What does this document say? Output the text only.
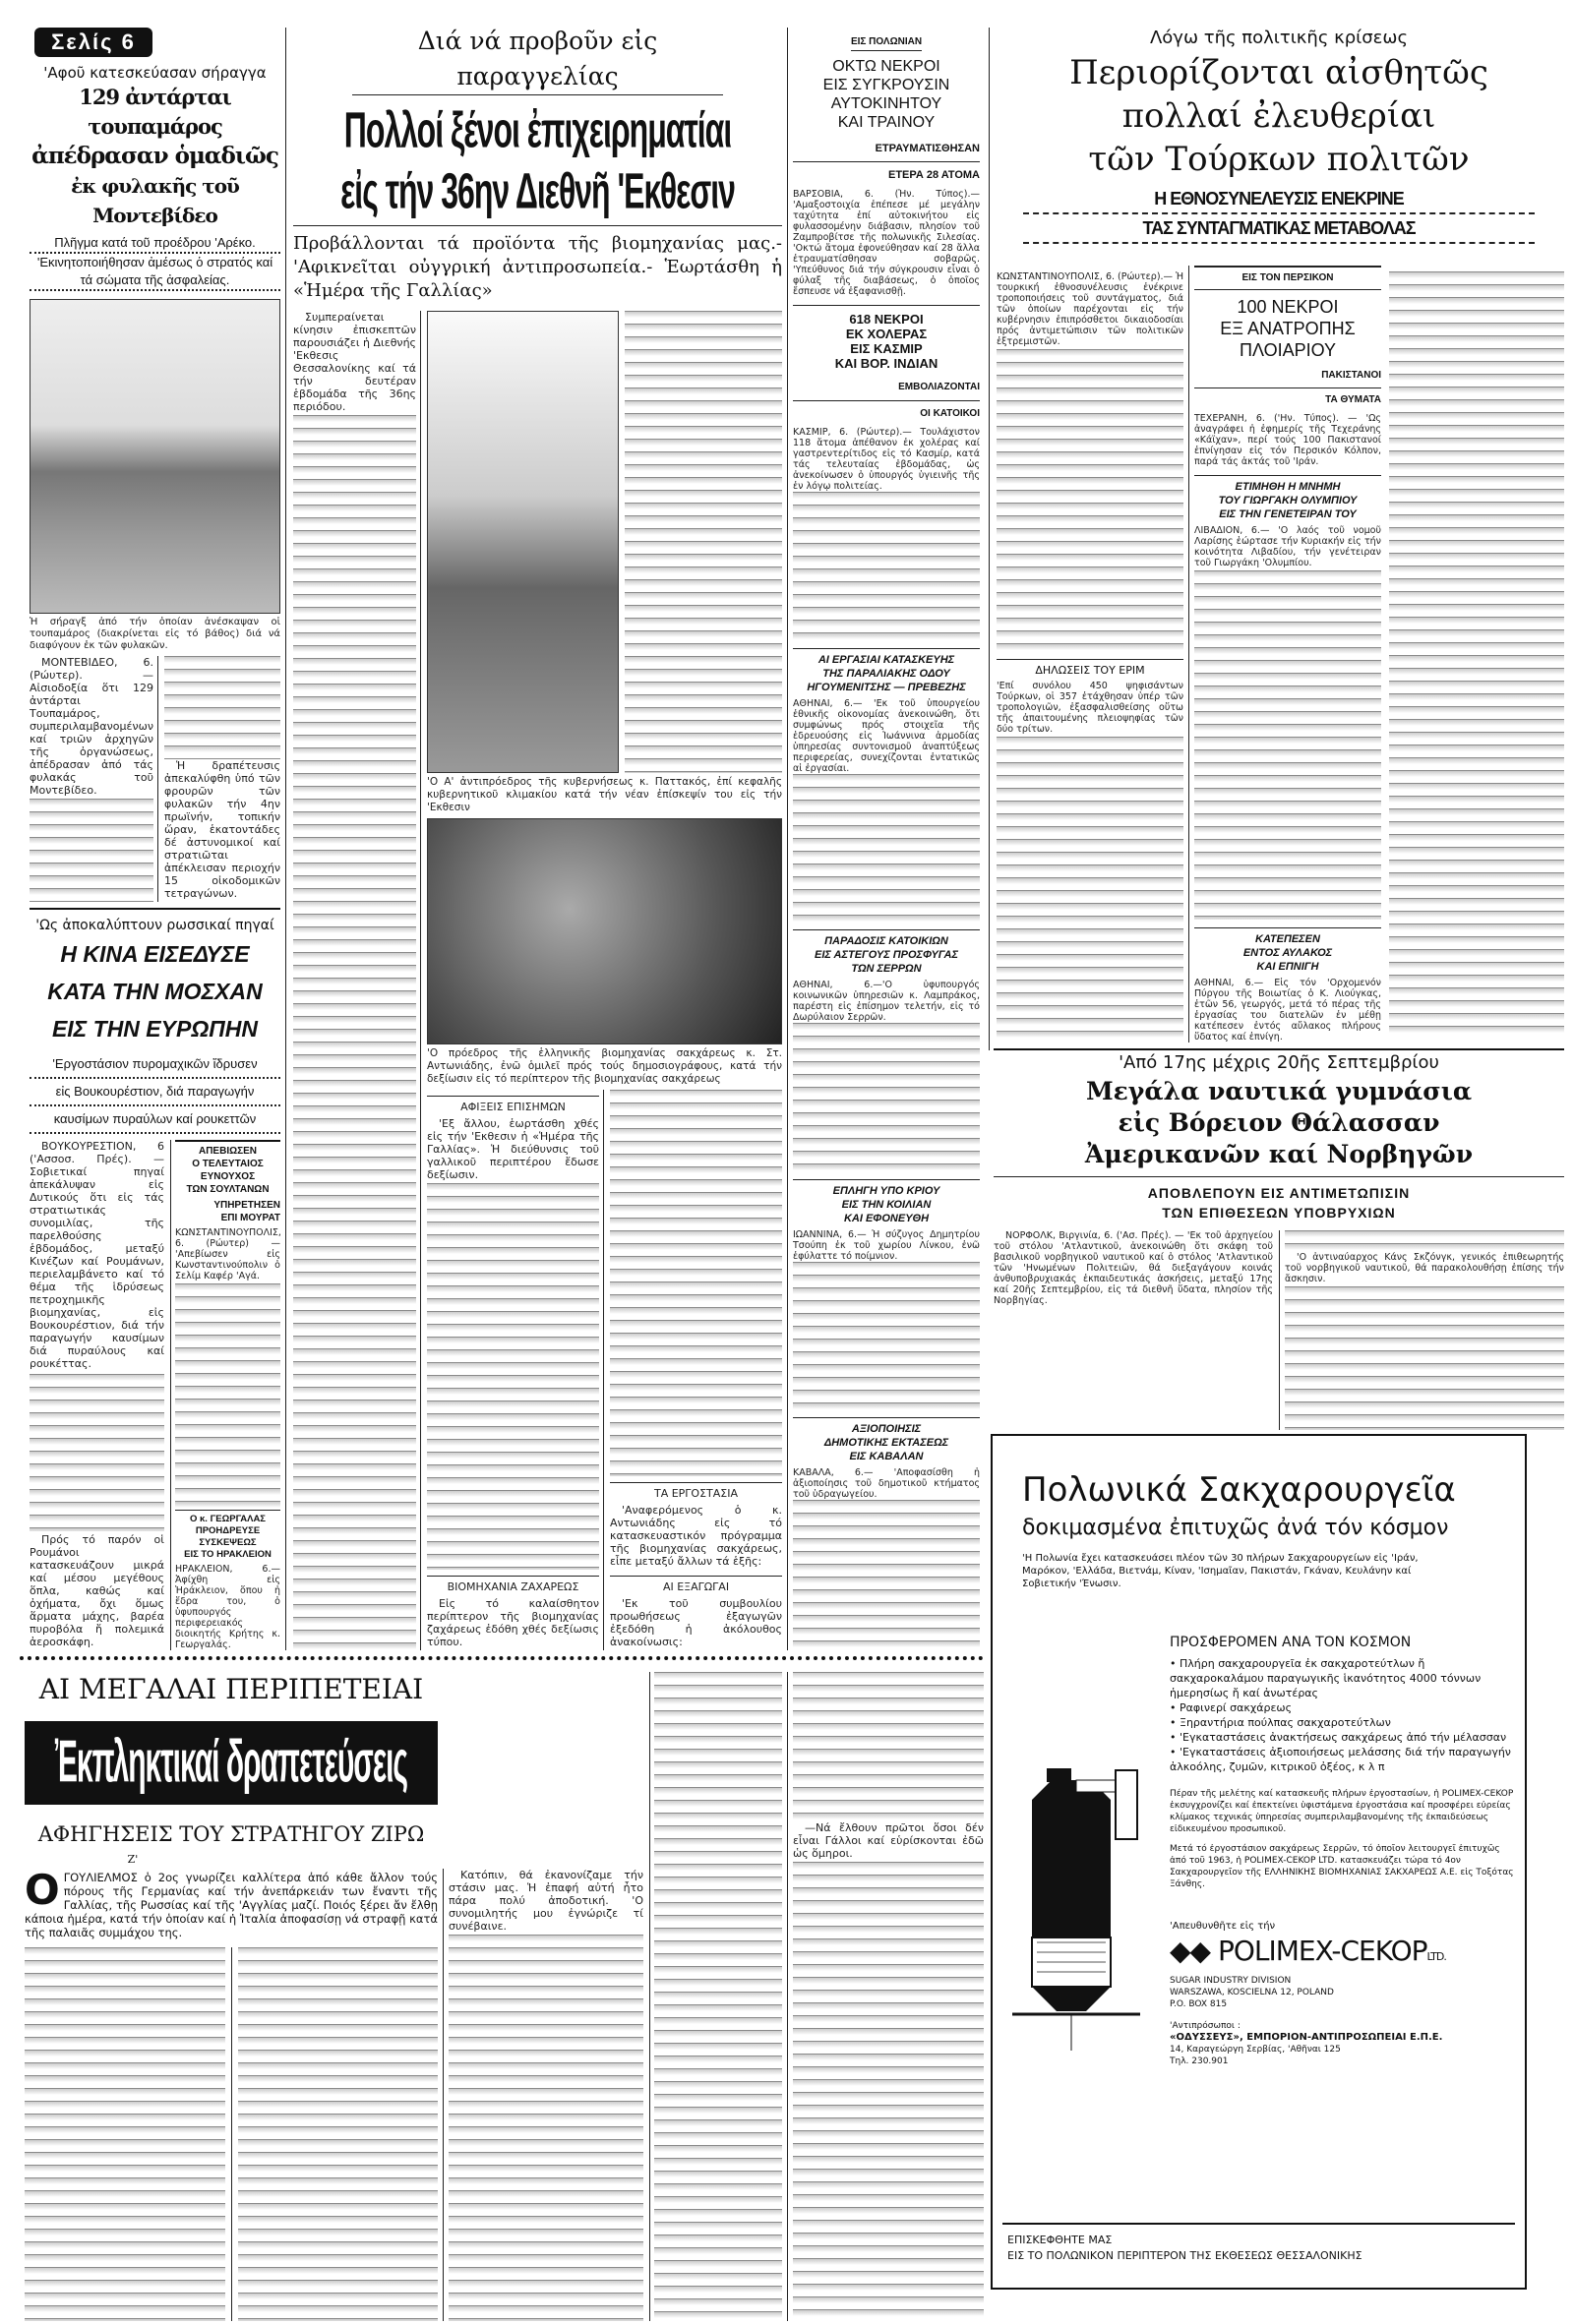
Σελίς 6
'Αφοῦ κατεσκεύασαν σήραγγα
129 ἀντάρται τουπαμάρος
ἀπέδρασαν ὁμαδιῶς
ἐκ φυλακῆς τοῦ Μοντεβίδεο
Πλῆγμα κατά τοῦ προέδρου 'Αρέκο.
'Εκινητοποιήθησαν ἀμέσως ὁ στρατός καί τά σώματα τῆς ἀσφαλείας.
Ἡ σήραγξ ἀπό τήν ὁποίαν ἀνέσκαψαν οἱ τουπαμάρος (διακρίνεται εἰς τό βάθος) διά νά διαφύγουν ἐκ τῶν φυλακῶν.

ΜΟΝΤΕΒΙΔΕΟ, 6. (Ρώυτερ). — Αἰσιοδοξία ὅτι 129 ἀντάρται Τουπαμάρος, συμπεριλαμβανομένων καί τριῶν ἀρχηγῶν τῆς ὀργανώσεως, ἀπέδρασαν ἀπό τάς φυλακάς τοῦ Μοντεβίδεο.

Ἡ δραπέτευσις ἀπεκαλύφθη ὑπό τῶν φρουρῶν τῶν φυλακῶν τήν 4ην πρωϊνήν, τοπικήν ὥραν, ἑκατοντάδες δέ ἀστυνομικοί καί στρατιῶται ἀπέκλεισαν περιοχήν 15 οἰκοδομικῶν τετραγώνων.

'Ως ἀποκαλύπτουν ρωσσικαί πηγαί
Η ΚΙΝΑ ΕΙΣΕΔΥΣΕ
ΚΑΤΑ ΤΗΝ ΜΟΣΧΑΝ
ΕΙΣ ΤΗΝ ΕΥΡΩΠΗΝ
'Εργοστάσιον πυρομαχικῶν ἵδρυσεν
εἰς Βουκουρέστιον, διά παραγωγήν
καυσίμων πυραύλων καί ρουκεττῶν

ΒΟΥΚΟΥΡΕΣΤΙΟΝ, 6 ('Ασσοσ. Πρές). — Σοβιετικαί πηγαί ἀπεκάλυψαν εἰς Δυτικούς ὅτι εἰς τάς στρατιωτικάς συνομιλίας, τῆς παρελθούσης ἑβδομάδος, μεταξύ Κινέζων καί Ρουμάνων, περιελαμβάνετο καί τό θέμα τῆς ἱδρύσεως πετροχημικῆς βιομηχανίας, εἰς Βουκουρέστιον, διά τήν παραγωγήν καυσίμων διά πυραύλους καί ρουκέττας.

Πρός τό παρόν οἱ Ρουμάνοι κατασκευάζουν μικρά καί μέσου μεγέθους ὅπλα, καθώς καί ὀχήματα, ὄχι ὅμως ἅρματα μάχης, βαρέα πυροβόλα ἤ πολεμικά ἀεροσκάφη.

ΑΠΕΒΙΩΣΕΝ
Ο ΤΕΛΕΥΤΑΙΟΣ
ΕΥΝΟΥΧΟΣ
ΤΩΝ ΣΟΥΛΤΑΝΩΝ
ΥΠΗΡΕΤΗΣΕΝ
ΕΠΙ ΜΟΥΡΑΤ
ΚΩΝΣΤΑΝΤΙΝΟΥΠΟΛΙΣ, 6. (Ρώυτερ) — 'Απεβίωσεν εἰς Κωνσταντινούπολιν ὁ Σελίμ Καφέρ 'Αγά.
Ο κ. ΓΕΩΡΓΑΛΑΣ
ΠΡΟΗΔΡΕΥΣΕ ΣΥΣΚΕΨΕΩΣ
ΕΙΣ ΤΟ ΗΡΑΚΛΕΙΟΝ
ΗΡΑΚΛΕΙΟΝ, 6.— Ἀφίχθη εἰς Ἡράκλειον, ὅπου ἡ ἕδρα του, ὁ ὑφυπουργός περιφερειακός διοικητής Κρήτης κ. Γεωργαλάς.
Διά νά προβοῦν εἰς παραγγελίας
Πολλοί ξένοι ἐπιχειρηματίαι
εἰς τήν 36ην Διεθνῆ 'Εκθεσιν
Προβάλλονται τά προϊόντα τῆς βιομηχανίας μας.-'Αφικνεῖται οὐγγρική ἀντιπροσωπεία.- Ἑωρτάσθη ἡ «Ἡμέρα τῆς Γαλλίας»

Συμπεραίνεται κίνησιν ἐπισκεπτῶν παρουσιάζει ἡ Διεθνής 'Εκθεσις Θεσσαλονίκης καί τά τήν δευτέραν ἑβδομάδα τῆς 36ης περιόδου.

'Ο Α' ἀντιπρόεδρος τῆς κυβερνήσεως κ. Παττακός, ἐπί κεφαλῆς κυβερνητικοῦ κλιμακίου κατά τήν νέαν ἐπίσκεψίν του εἰς τήν 'Εκθεσιν
'Ο πρόεδρος τῆς ἑλληνικῆς βιομηχανίας σακχάρεως κ. Στ. Αντωνιάδης, ἐνῶ ὁμιλεῖ πρός τούς δημοσιογράφους, κατά τήν δεξίωσιν εἰς τό περίπτερον τῆς βιομηχανίας σακχάρεως
ΑΦΙΞΕΙΣ ΕΠΙΣΗΜΩΝ

'Εξ ἄλλου, ἑωρτάσθη χθές εἰς τήν 'Εκθεσιν ἡ «Ἡμέρα τῆς Γαλλίας». Ἡ διεύθυνσις τοῦ γαλλικοῦ περιπτέρου ἔδωσε δεξίωσιν.

ΒΙΟΜΗΧΑΝΙΑ ΖΑΧΑΡΕΩΣ

Εἰς τό καλαίσθητον περίπτερον τῆς βιομηχανίας ζαχάρεως ἐδόθη χθές δεξίωσις τύπου.

ΤΑ ΕΡΓΟΣΤΑΣΙΑ

'Αναφερόμενος ὁ κ. Αντωνιάδης εἰς τό κατασκευαστικόν πρόγραμμα τῆς βιομηχανίας σακχάρεως, εἶπε μεταξύ ἄλλων τά ἑξῆς:

ΑΙ ΕΞΑΓΩΓΑΙ

'Εκ τοῦ συμβουλίου προωθήσεως ἐξαγωγῶν ἐξεδόθη ἡ ἀκόλουθος ἀνακοίνωσις:

ΕΙΣ ΠΟΛΩΝΙΑΝ
ΟΚΤΩ ΝΕΚΡΟΙ
ΕΙΣ ΣΥΓΚΡΟΥΣΙΝ
ΑΥΤΟΚΙΝΗΤΟΥ
ΚΑΙ ΤΡΑΙΝΟΥ
ΕΤΡΑΥΜΑΤΙΣΘΗΣΑΝ
ΕΤΕΡΑ 28 ΑΤΟΜΑ
ΒΑΡΣΟΒΙΑ, 6. (Ἡν. Τύπος).— 'Αμαξοστοιχία ἐπέπεσε μέ μεγάλην ταχύτητα ἐπί αὐτοκινήτου εἰς φυλασσομένην διάβασιν, πλησίον τοῦ Ζαμπροβίτσε τῆς πολωνικῆς Σιλεσίας. 'Οκτώ ἄτομα ἐφονεύθησαν καί 28 ἄλλα ἐτραυματίσθησαν σοβαρῶς. 'Υπεύθυνος διά τήν σύγκρουσιν εἶναι ὁ φύλαξ τῆς διαβάσεως, ὁ ὁποῖος ἔσπευσε νά ἐξαφανισθῇ.
618 ΝΕΚΡΟΙ
ΕΚ ΧΟΛΕΡΑΣ
ΕΙΣ ΚΑΣΜΙΡ
ΚΑΙ ΒΟΡ. ΙΝΔΙΑΝ
ΕΜΒΟΛΙΑΖΟΝΤΑΙ
ΟΙ ΚΑΤΟΙΚΟΙ
ΚΑΣΜΙΡ, 6. (Ρώυτερ).— Τουλάχιστον 118 ἄτομα ἀπέθανον ἐκ χολέρας καί γαστρεντερίτιδος εἰς τό Κασμίρ, κατά τάς τελευταίας ἑβδομάδας, ὡς ἀνεκοίνωσεν ὁ ὑπουργός ὑγιεινῆς τῆς ἐν λόγῳ πολιτείας.
ΑΙ ΕΡΓΑΣΙΑΙ ΚΑΤΑΣΚΕΥΗΣ
ΤΗΣ ΠΑΡΑΛΙΑΚΗΣ ΟΔΟΥ
ΗΓΟΥΜΕΝΙΤΣΗΣ — ΠΡΕΒΕΖΗΣ
ΑΘΗΝΑΙ, 6.— 'Εκ τοῦ ὑπουργείου ἐθνικῆς οἰκονομίας ἀνεκοινώθη, ὅτι συμφώνως πρός στοιχεῖα τῆς ἑδρευούσης εἰς Ἰωάννινα ἁρμοδίας ὑπηρεσίας συντονισμοῦ ἀναπτύξεως περιφερείας, συνεχίζονται ἐντατικῶς αἱ ἐργασίαι.
ΠΑΡΑΔΟΣΙΣ ΚΑΤΟΙΚΙΩΝ
ΕΙΣ ΑΣΤΕΓΟΥΣ ΠΡΟΣΦΥΓΑΣ
ΤΩΝ ΣΕΡΡΩΝ
ΑΘΗΝΑΙ, 6.—'Ο ὑφυπουργός κοινωνικῶν ὑπηρεσιῶν κ. Λαμπράκος, παρέστη εἰς ἐπίσημον τελετήν, εἰς τό Δωρύλαιον Σερρῶν.
ΕΠΛΗΓΗ ΥΠΟ ΚΡΙΟΥ
ΕΙΣ ΤΗΝ ΚΟΙΛΙΑΝ
ΚΑΙ ΕΦΟΝΕΥΘΗ
ΙΩΑΝΝΙΝΑ, 6.— Ἡ σύζυγος Δημητρίου Τσούπη ἐκ τοῦ χωρίου Λίνκου, ἐνῶ ἐφύλαττε τό ποίμνιον.
ΑΞΙΟΠΟΙΗΣΙΣ
ΔΗΜΟΤΙΚΗΣ ΕΚΤΑΣΕΩΣ
ΕΙΣ ΚΑΒΑΛΑΝ
ΚΑΒΑΛΑ, 6.— 'Αποφασίσθη ἡ ἀξιοποίησις τοῦ δημοτικοῦ κτήματος τοῦ ὑδραγωγείου.
Λόγω τῆς πολιτικῆς κρίσεως
Περιορίζονται αἰσθητῶς
πολλαί ἐλευθερίαι
τῶν Τούρκων πολιτῶν
Η ΕΘΝΟΣΥΝΕΛΕΥΣΙΣ ΕΝΕΚΡΙΝΕ
ΤΑΣ ΣΥΝΤΑΓΜΑΤΙΚΑΣ ΜΕΤΑΒΟΛΑΣ

ΚΩΝΣΤΑΝΤΙΝΟΥΠΟΛΙΣ, 6. (Ρώυτερ).— Ἡ τουρκική ἐθνοσυνέλευσις ἐνέκρινε τροποποιήσεις τοῦ συντάγματος, διά τῶν ὁποίων παρέχονται εἰς τήν κυβέρνησιν ἐπιπρόσθετοι δικαιοδοσίαι πρός ἀντιμετώπισιν τῶν πολιτικῶν ἐξτρεμιστῶν.

ΔΗΛΩΣΕΙΣ ΤΟΥ ΕΡΙΜ

'Επί συνόλου 450 ψηφισάντων Τούρκων, οἱ 357 ἐτάχθησαν ὑπέρ τῶν τροπολογιῶν, ἐξασφαλισθείσης οὕτω τῆς ἀπαιτουμένης πλειοψηφίας τῶν δύο τρίτων.

ΕΙΣ ΤΟΝ ΠΕΡΣΙΚΟΝ
100 ΝΕΚΡΟΙ
ΕΞ ΑΝΑΤΡΟΠΗΣ
ΠΛΟΙΑΡΙΟΥ
ΠΑΚΙΣΤΑΝΟΙ
ΤΑ ΘΥΜΑΤΑ
ΤΕΧΕΡΑΝΗ, 6. ('Ην. Τύπος). — 'Ως ἀναγράφει ἡ ἐφημερίς τῆς Τεχεράνης «Κάϊχαν», περί τούς 100 Πακιστανοί ἐπνίγησαν εἰς τόν Περσικόν Κόλπον, παρά τάς ἀκτάς τοῦ 'Ιράν.
ΕΤΙΜΗΘΗ Η ΜΝΗΜΗ
ΤΟΥ ΓΙΩΡΓΑΚΗ ΟΛΥΜΠΙΟΥ
ΕΙΣ ΤΗΝ ΓΕΝΕΤΕΙΡΑΝ ΤΟΥ
ΛΙΒΑΔΙΟΝ, 6.— 'Ο λαός τοῦ νομοῦ Λαρίσης ἑώρτασε τήν Κυριακήν εἰς τήν κοινότητα Λιβαδίου, τήν γενέτειραν τοῦ Γιωργάκη 'Ολυμπίου.
ΚΑΤΕΠΕΣΕΝ
ΕΝΤΟΣ ΑΥΛΑΚΟΣ
ΚΑΙ ΕΠΝΙΓΗ
ΑΘΗΝΑΙ, 6.— Εἰς τόν 'Ορχομενόν Πύργου τῆς Βοιωτίας ὁ Κ. Λιούγκας, ἐτῶν 56, γεωργός, μετά τό πέρας τῆς ἐργασίας του διατελῶν ἐν μέθῃ κατέπεσεν ἐντός αὔλακος πλήρους ὕδατος καί ἐπνίγη.
'Από 17ης μέχρις 20ῆς Σεπτεμβρίου
Μεγάλα ναυτικά γυμνάσια
εἰς Βόρειον Θάλασσαν
Ἀμερικανῶν καί Νορβηγῶν
ΑΠΟΒΛΕΠΟΥΝ ΕΙΣ ΑΝΤΙΜΕΤΩΠΙΣΙΝ
ΤΩΝ ΕΠΙΘΕΣΕΩΝ ΥΠΟΒΡΥΧΙΩΝ

ΝΟΡΦΟΛΚ, Βιργινία, 6. ('Ασ. Πρές). — 'Εκ τοῦ ἀρχηγείου τοῦ στόλου 'Ατλαντικοῦ, ἀνεκοινώθη ὅτι σκάφη τοῦ βασιλικοῦ νορβηγικοῦ ναυτικοῦ καί ὁ στόλος 'Ατλαντικοῦ τῶν 'Ηνωμένων Πολιτειῶν, θά διεξαγάγουν κοινάς ἀνθυποβρυχιακάς ἐκπαιδευτικάς ἀσκήσεις, μεταξύ 17ης καί 20ῆς Σεπτεμβρίου, εἰς τά διεθνῆ ὕδατα, πλησίον τῆς Νορβηγίας.

'Ο ἀντιναύαρχος Κάνς Σκζόνγκ, γενικός ἐπιθεωρητής τοῦ νορβηγικοῦ ναυτικοῦ, θά παρακολουθήσῃ ἐπίσης τήν ἄσκησιν.

Πολωνικά Σακχαρουργεῖα
δοκιμασμένα ἐπιτυχῶς ἀνά τόν κόσμον
'Η Πολωνία ἔχει κατασκευάσει πλέον τῶν 30 πλήρων Σακχαρουργείων εἰς 'Ιράν, Μαρόκον, 'Ελλάδα, Βιετνάμ, Κίναν, 'Ισημαῖαν, Πακιστάν, Γκάναν, Κευλάνην καί Σοβιετικήν 'Ένωσιν.
ΠΡΟΣΦΕΡΟΜΕΝ ΑΝΑ ΤΟΝ ΚΟΣΜΟΝ
• Πλήρη σακχαρουργεῖα ἐκ σακχαροτεύτλων ἤ σακχαροκαλάμου παραγωγικῆς ἱκανότητος 4000 τόννων ἡμερησίως ἤ καί ἀνωτέρας
• Ραφινερί σακχάρεως
• Ξηραντήρια πούλπας σακχαροτεύτλων
• 'Εγκαταστάσεις ἀνακτήσεως σακχάρεως ἀπό τήν μέλασσαν
• 'Εγκαταστάσεις ἀξιοποιήσεως μελάσσης διά τήν παραγωγήν ἀλκοόλης, ζυμῶν, κιτρικοῦ ὀξέος, κ λ π
Πέραν τῆς μελέτης καί κατασκευῆς πλήρων ἐργοστασίων, ἡ POLIMEX-CEKOP ἐκσυγχρονίζει καί ἐπεκτείνει ὑφιστάμενα ἐργοστάσια καί προσφέρει εὐρείας κλίμακος τεχνικάς ὑπηρεσίας συμπεριλαμβανομένης τῆς ἐκπαιδεύσεως εἰδικευμένου προσωπικοῦ.
Μετά τό ἐργοστάσιον σακχάρεως Σερρῶν, τό ὁποῖον λειτουργεῖ ἐπιτυχῶς ἀπό τοῦ 1963, ἡ POLIMEX-CEKOP LTD. κατασκευάζει τώρα τό 4ον Σακχαρουργεῖον τῆς ΕΛΛΗΝΙΚΗΣ ΒΙΟΜΗΧΑΝΙΑΣ ΣΑΚΧΑΡΕΩΣ Α.Ε. εἰς Τοξότας Ξάνθης.
'Απευθυνθῆτε εἰς τήν
◆◆ POLIMEX-CEKOPLTD.
SUGAR INDUSTRY DIVISION
WARSZAWA, KOSCIELNA 12, POLAND
P.O. BOX 815
'Αντιπρόσωποι :
«ΟΔΥΣΣΕΥΣ», ΕΜΠΟΡΙΟΝ-ΑΝΤΙΠΡΟΣΩΠΕΙΑΙ Ε.Π.Ε.
14, Καραγεώργη Σερβίας, 'Αθῆναι 125
Τηλ. 230.901
ΕΠΙΣΚΕΦΘΗΤΕ ΜΑΣ
ΕΙΣ ΤΟ ΠΟΛΩΝΙΚΟΝ ΠΕΡΙΠΤΕΡΟΝ ΤΗΣ ΕΚΘΕΣΕΩΣ ΘΕΣΣΑΛΟΝΙΚΗΣ
ΑΙ ΜΕΓΑΛΑΙ ΠΕΡΙΠΕΤΕΙΑΙ
Ἐκπληκτικαί δραπετεύσεις
ΑΦΗΓΗΣΕΙΣ ΤΟΥ ΣΤΡΑΤΗΓΟΥ ΖΙΡΩ
Ζ'
O ΓΟΥΛΙΕΛΜΟΣ ὁ 2ος γνωρίζει καλλίτερα ἀπό κάθε ἄλλον τούς πόρους τῆς Γερμανίας καί τήν ἀνεπάρκειάν των ἔναντι τῆς Γαλλίας, τῆς Ρωσσίας καί τῆς 'Αγγλίας μαζί. Ποιός ξέρει ἄν ἔλθῃ κάποια ἡμέρα, κατά τήν ὁποίαν καί ἡ Ἰταλία ἀποφασίσῃ νά στραφῇ κατά τῆς παλαιᾶς συμμάχου της.

Κατόπιν, θά ἐκανονίζαμε τήν στάσιν μας. Ἡ ἐπαφή αὐτή ἦτο πάρα πολύ ἀποδοτική. 'Ο συνομιλητής μου ἐγνώριζε τί συνέβαινε.

—Νά ἔλθουν πρῶτοι ὅσοι δέν εἶναι Γάλλοι καί εὑρίσκονται ἐδῶ ὡς ὅμηροι.
